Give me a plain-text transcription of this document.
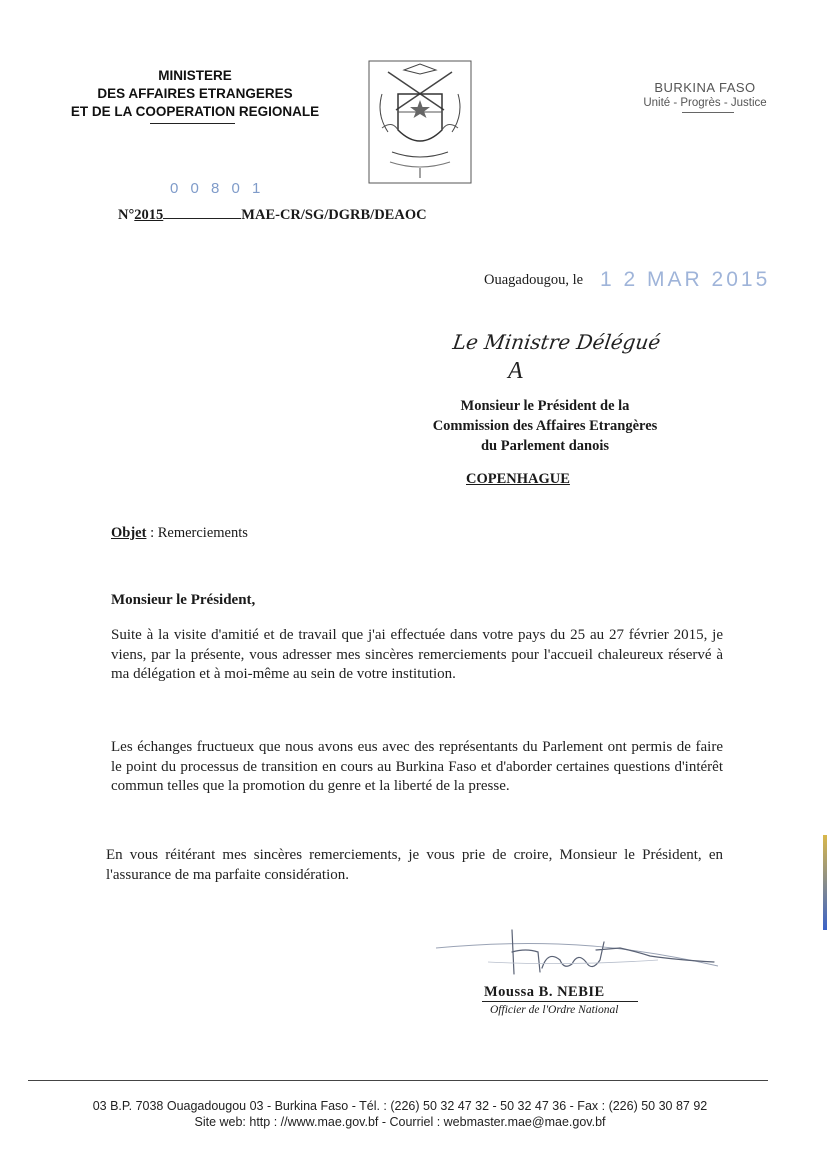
MINISTERE
DES AFFAIRES ETRANGERES
ET DE LA COOPERATION REGIONALE
BURKINA FASO
Unité - Progrès - Justice
0 0 8 0 1
N°2015	MAE-CR/SG/DGRB/DEAOC
Ouagadougou, le 1 2 MAR 2015
Le Ministre Délégué
A
Monsieur le Président de la
Commission des Affaires Etrangères
du Parlement danois
COPENHAGUE
Objet : Remerciements
Monsieur le Président,
Suite à la visite d'amitié et de travail que j'ai effectuée dans votre pays du 25 au 27 février 2015, je viens, par la présente, vous adresser mes sincères remerciements pour l'accueil chaleureux réservé à ma délégation et à moi-même au sein de votre institution.
Les échanges fructueux que nous avons eus avec des représentants du Parlement ont permis de faire le point du processus de transition en cours au Burkina Faso et d'aborder certaines questions d'intérêt commun telles que la promotion du genre et la liberté de la presse.
En vous réitérant mes sincères remerciements, je vous prie de croire, Monsieur le Président, en l'assurance de ma parfaite considération.
Moussa B. NEBIE
Officier de l'Ordre National
03 B.P. 7038 Ouagadougou 03 - Burkina Faso - Tél. : (226) 50 32 47 32 - 50 32 47 36 - Fax : (226) 50 30 87 92
Site web: http : //www.mae.gov.bf - Courriel : webmaster.mae@mae.gov.bf
